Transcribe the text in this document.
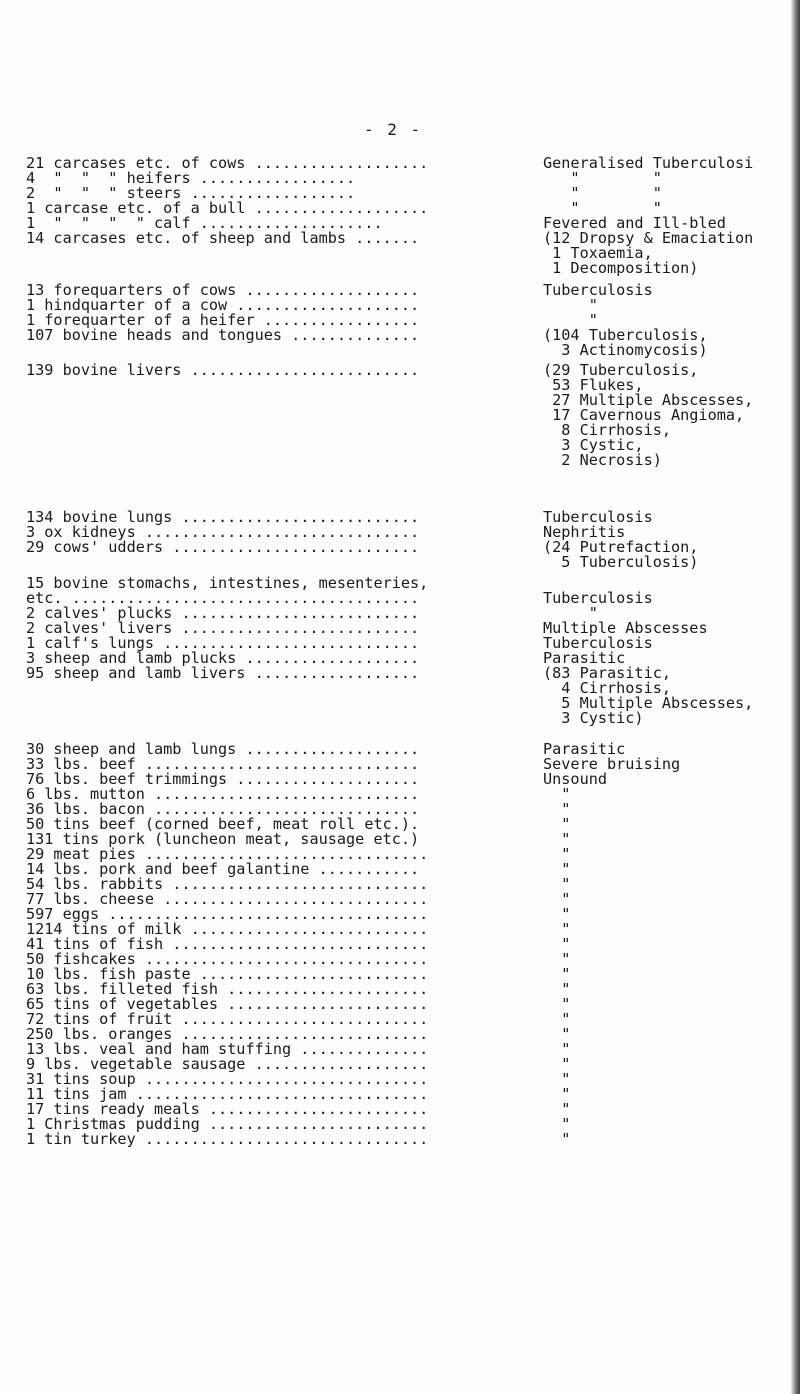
- 2 -
21 carcases etc. of cows ...................
4  "  "  " heifers .................
2  "  "  " steers ..................
1 carcase etc. of a bull ...................
1  "  "  "  " calf ....................
14 carcases etc. of sheep and lambs .......
13 forequarters of cows ...................
1 hindquarter of a cow ....................
1 forequarter of a heifer .................
107 bovine heads and tongues ..............
139 bovine livers .........................
134 bovine lungs ..........................
3 ox kidneys ..............................
29 cows' udders ...........................
15 bovine stomachs, intestines, mesenteries,
etc. ......................................
2 calves' plucks ..........................
2 calves' livers ..........................
1 calf's lungs ............................
3 sheep and lamb plucks ...................
95 sheep and lamb livers ..................
30 sheep and lamb lungs ...................
33 lbs. beef ..............................
76 lbs. beef trimmings ....................
6 lbs. mutton .............................
36 lbs. bacon .............................
50 tins beef (corned beef, meat roll etc.).
131 tins pork (luncheon meat, sausage etc.)
29 meat pies ...............................
14 lbs. pork and beef galantine ...........
54 lbs. rabbits ............................
77 lbs. cheese .............................
597 eggs ...................................
1214 tins of milk ..........................
41 tins of fish ............................
50 fishcakes ...............................
10 lbs. fish paste .........................
63 lbs. filleted fish ......................
65 tins of vegetables ......................
72 tins of fruit ...........................
250 lbs. oranges ...........................
13 lbs. veal and ham stuffing ..............
9 lbs. vegetable sausage ...................
31 tins soup ...............................
11 tins jam ................................
17 tins ready meals ........................
1 Christmas pudding ........................
1 tin turkey ...............................
Generalised Tuberculosi
"        "
"        "
"        "
Fevered and Ill-bled
(12 Dropsy & Emaciation
1 Toxaemia,
1 Decomposition)
Tuberculosis
"
"
(104 Tuberculosis,
3 Actinomycosis)
(29 Tuberculosis,
53 Flukes,
27 Multiple Abscesses,
17 Cavernous Angioma,
8 Cirrhosis,
3 Cystic,
2 Necrosis)
Tuberculosis
Nephritis
(24 Putrefaction,
5 Tuberculosis)
Tuberculosis
"
Multiple Abscesses
Tuberculosis
Parasitic
(83 Parasitic,
4 Cirrhosis,
5 Multiple Abscesses,
3 Cystic)
Parasitic
Severe bruising
Unsound
"
"
"
"
"
"
"
"
"
"
"
"
"
"
"
"
"
"
"
"
"
"
"
"
